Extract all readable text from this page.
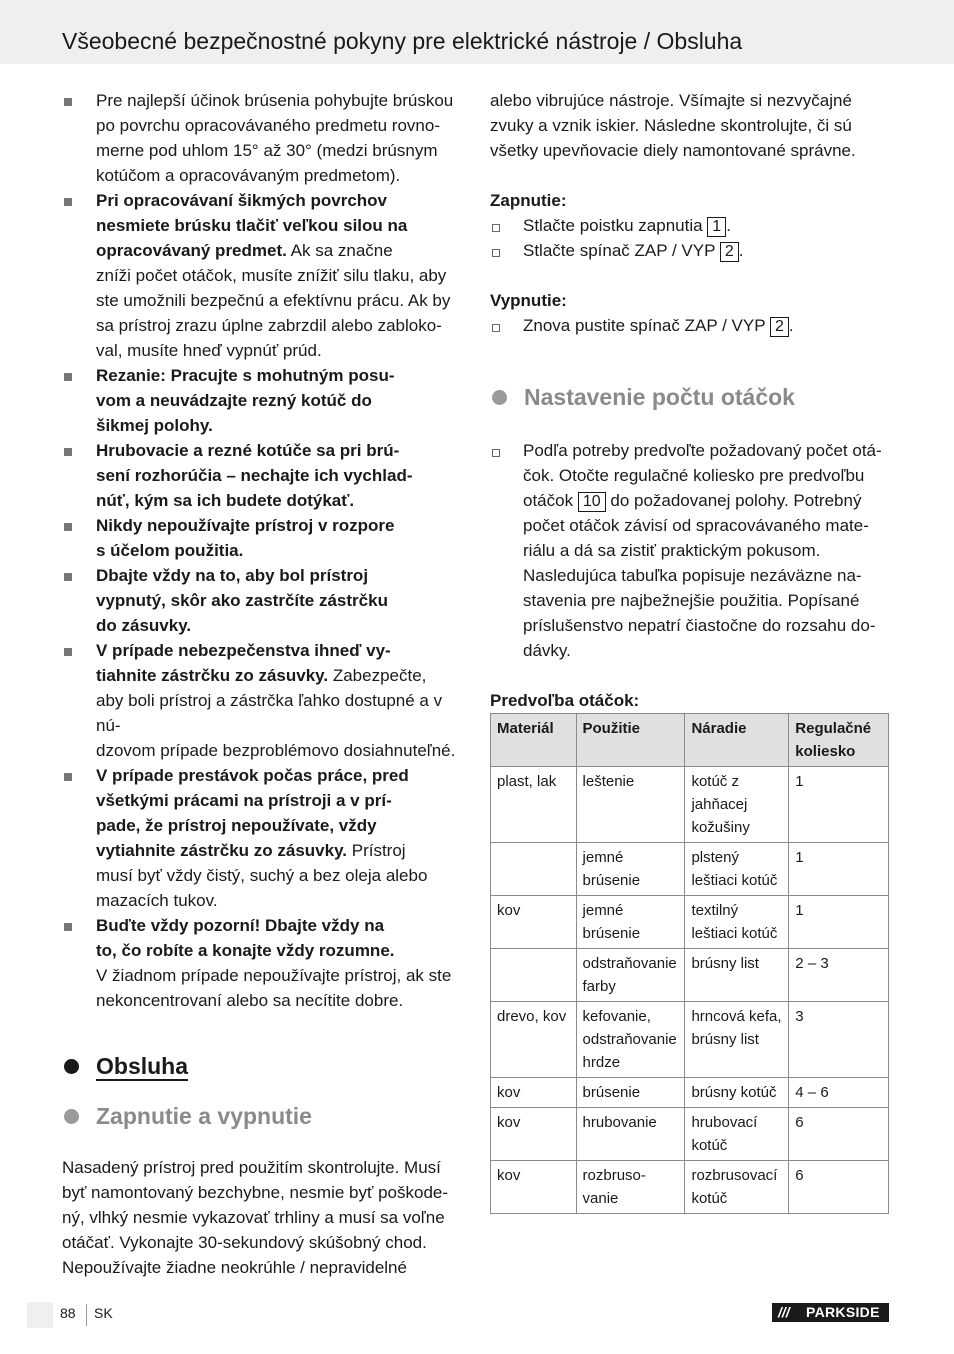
Všeobecné bezpečnostné pokyny pre elektrické nástroje / Obsluha
Pre najlepší účinok brúsenia pohybujte brúskou
po povrchu opracovávaného predmetu rovno-
merne pod uhlom 15° až 30° (medzi brúsnym
kotúčom a opracovávaným predmetom).
Pri opracovávaní šikmých povrchov
nesmiete brúsku tlačiť veľkou silou na
opracovávaný predmet. Ak sa značne
zníži počet otáčok, musíte znížiť silu tlaku, aby
ste umožnili bezpečnú a efektívnu prácu. Ak by
sa prístroj zrazu úplne zabrzdil alebo zabloko-
val, musíte hneď vypnúť prúd.
Rezanie: Pracujte s mohutným posu-
vom a neuvádzajte rezný kotúč do
šikmej polohy.
Hrubovacie a rezné kotúče sa pri brú-
sení rozhorúčia – nechajte ich vychlad-
núť, kým sa ich budete dotýkať.
Nikdy nepoužívajte prístroj v rozpore
s účelom použitia.
Dbajte vždy na to, aby bol prístroj
vypnutý, skôr ako zastrčíte zástrčku
do zásuvky.
V prípade nebezpečenstva ihneď vy-
tiahnite zástrčku zo zásuvky. Zabezpečte,
aby boli prístroj a zástrčka ľahko dostupné a v nú-
dzovom prípade bezproblémovo dosiahnuteľné.
V prípade prestávok počas práce, pred
všetkými prácami na prístroji a v prí-
pade, že prístroj nepoužívate, vždy
vytiahnite zástrčku zo zásuvky. Prístroj
musí byť vždy čistý, suchý a bez oleja alebo
mazacích tukov.
Buďte vždy pozorní! Dbajte vždy na
to, čo robíte a konajte vždy rozumne.
V žiadnom prípade nepoužívajte prístroj, ak ste
nekoncentrovaní alebo sa necítite dobre.
Obsluha
Zapnutie a vypnutie
Nasadený prístroj pred použitím skontrolujte. Musí
byť namontovaný bezchybne, nesmie byť poškode-
ný, vlhký nesmie vykazovať trhliny a musí sa voľne
otáčať. Vykonajte 30-sekundový skúšobný chod.
Nepoužívajte žiadne neokrúhle / nepravidelné
alebo vibrujúce nástroje. Všímajte si nezvyčajné
zvuky a vznik iskier. Následne skontrolujte, či sú
všetky upevňovacie diely namontované správne.
Zapnutie:
Stlačte poistku zapnutia 1 .
Stlačte spínač ZAP / VYP 2 .
Vypnutie:
Znova pustite spínač ZAP / VYP 2 .
Nastavenie počtu otáčok
Podľa potreby predvoľte požadovaný počet otá-
čok. Otočte regulačné koliesko pre predvoľbu
otáčok 10 do požadovanej polohy. Potrebný
počet otáčok závisí od spracovávaného mate-
riálu a dá sa zistiť praktickým pokusom.
Nasledujúca tabuľka popisuje nezáväzne na-
stavenia pre najbežnejšie použitia. Popísané
príslušenstvo nepatrí čiastočne do rozsahu do-
dávky.
Predvoľba otáčok:
Materiál	Použitie	Náradie	Regulačné koliesko
plast, lak	leštenie	kotúč z jahňacej kožušiny	1
	jemné brúsenie	plstený leštiaci kotúč	1
kov	jemné brúsenie	textilný leštiaci kotúč	1
	odstraňovanie farby	brúsny list	2 – 3
drevo, kov	kefovanie, odstraňovanie hrdze	hrncová kefa, brúsny list	3
kov	brúsenie	brúsny kotúč	4 – 6
kov	hrubovanie	hrubovací kotúč	6
kov	rozbruso-vanie	rozbrusovací kotúč	6
88 SK	/// PARKSIDE
